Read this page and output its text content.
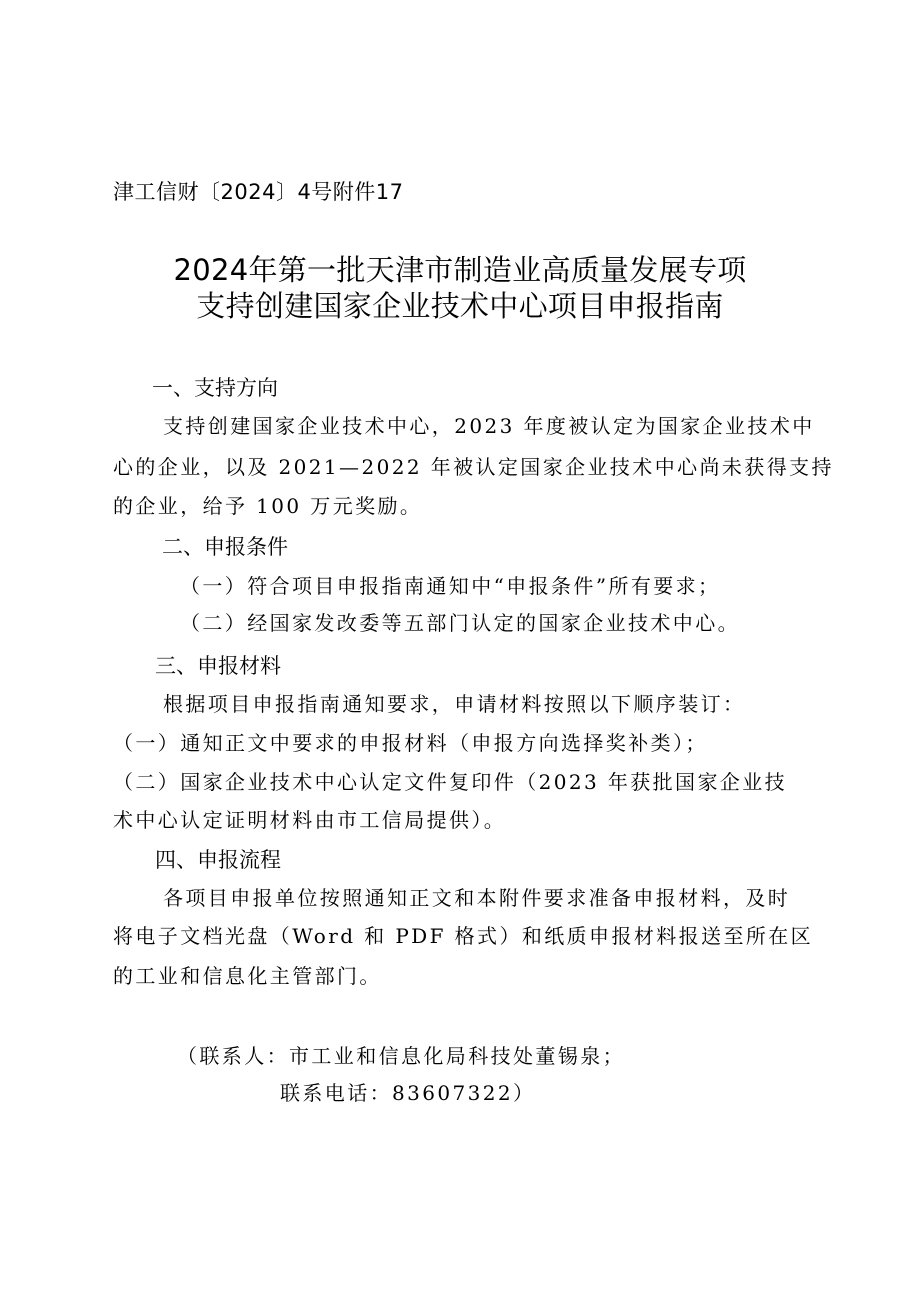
津工信财〔2024〕4号附件17
2024年第一批天津市制造业高质量发展专项
支持创建国家企业技术中心项目申报指南
一、支持方向
支持创建国家企业技术中心，2023 年度被认定为国家企业技术中
心的企业，以及 2021—2022 年被认定国家企业技术中心尚未获得支持
的企业，给予 100 万元奖励。
二、申报条件
（一）符合项目申报指南通知中“申报条件”所有要求；
（二）经国家发改委等五部门认定的国家企业技术中心。
三、申报材料
根据项目申报指南通知要求，申请材料按照以下顺序装订：
（一）通知正文中要求的申报材料（申报方向选择奖补类）；
（二）国家企业技术中心认定文件复印件（2023 年获批国家企业技
术中心认定证明材料由市工信局提供）。
四、申报流程
各项目申报单位按照通知正文和本附件要求准备申报材料，及时
将电子文档光盘（Word 和 PDF 格式）和纸质申报材料报送至所在区
的工业和信息化主管部门。
（联系人：市工业和信息化局科技处董锡泉；
联系电话：83607322）
